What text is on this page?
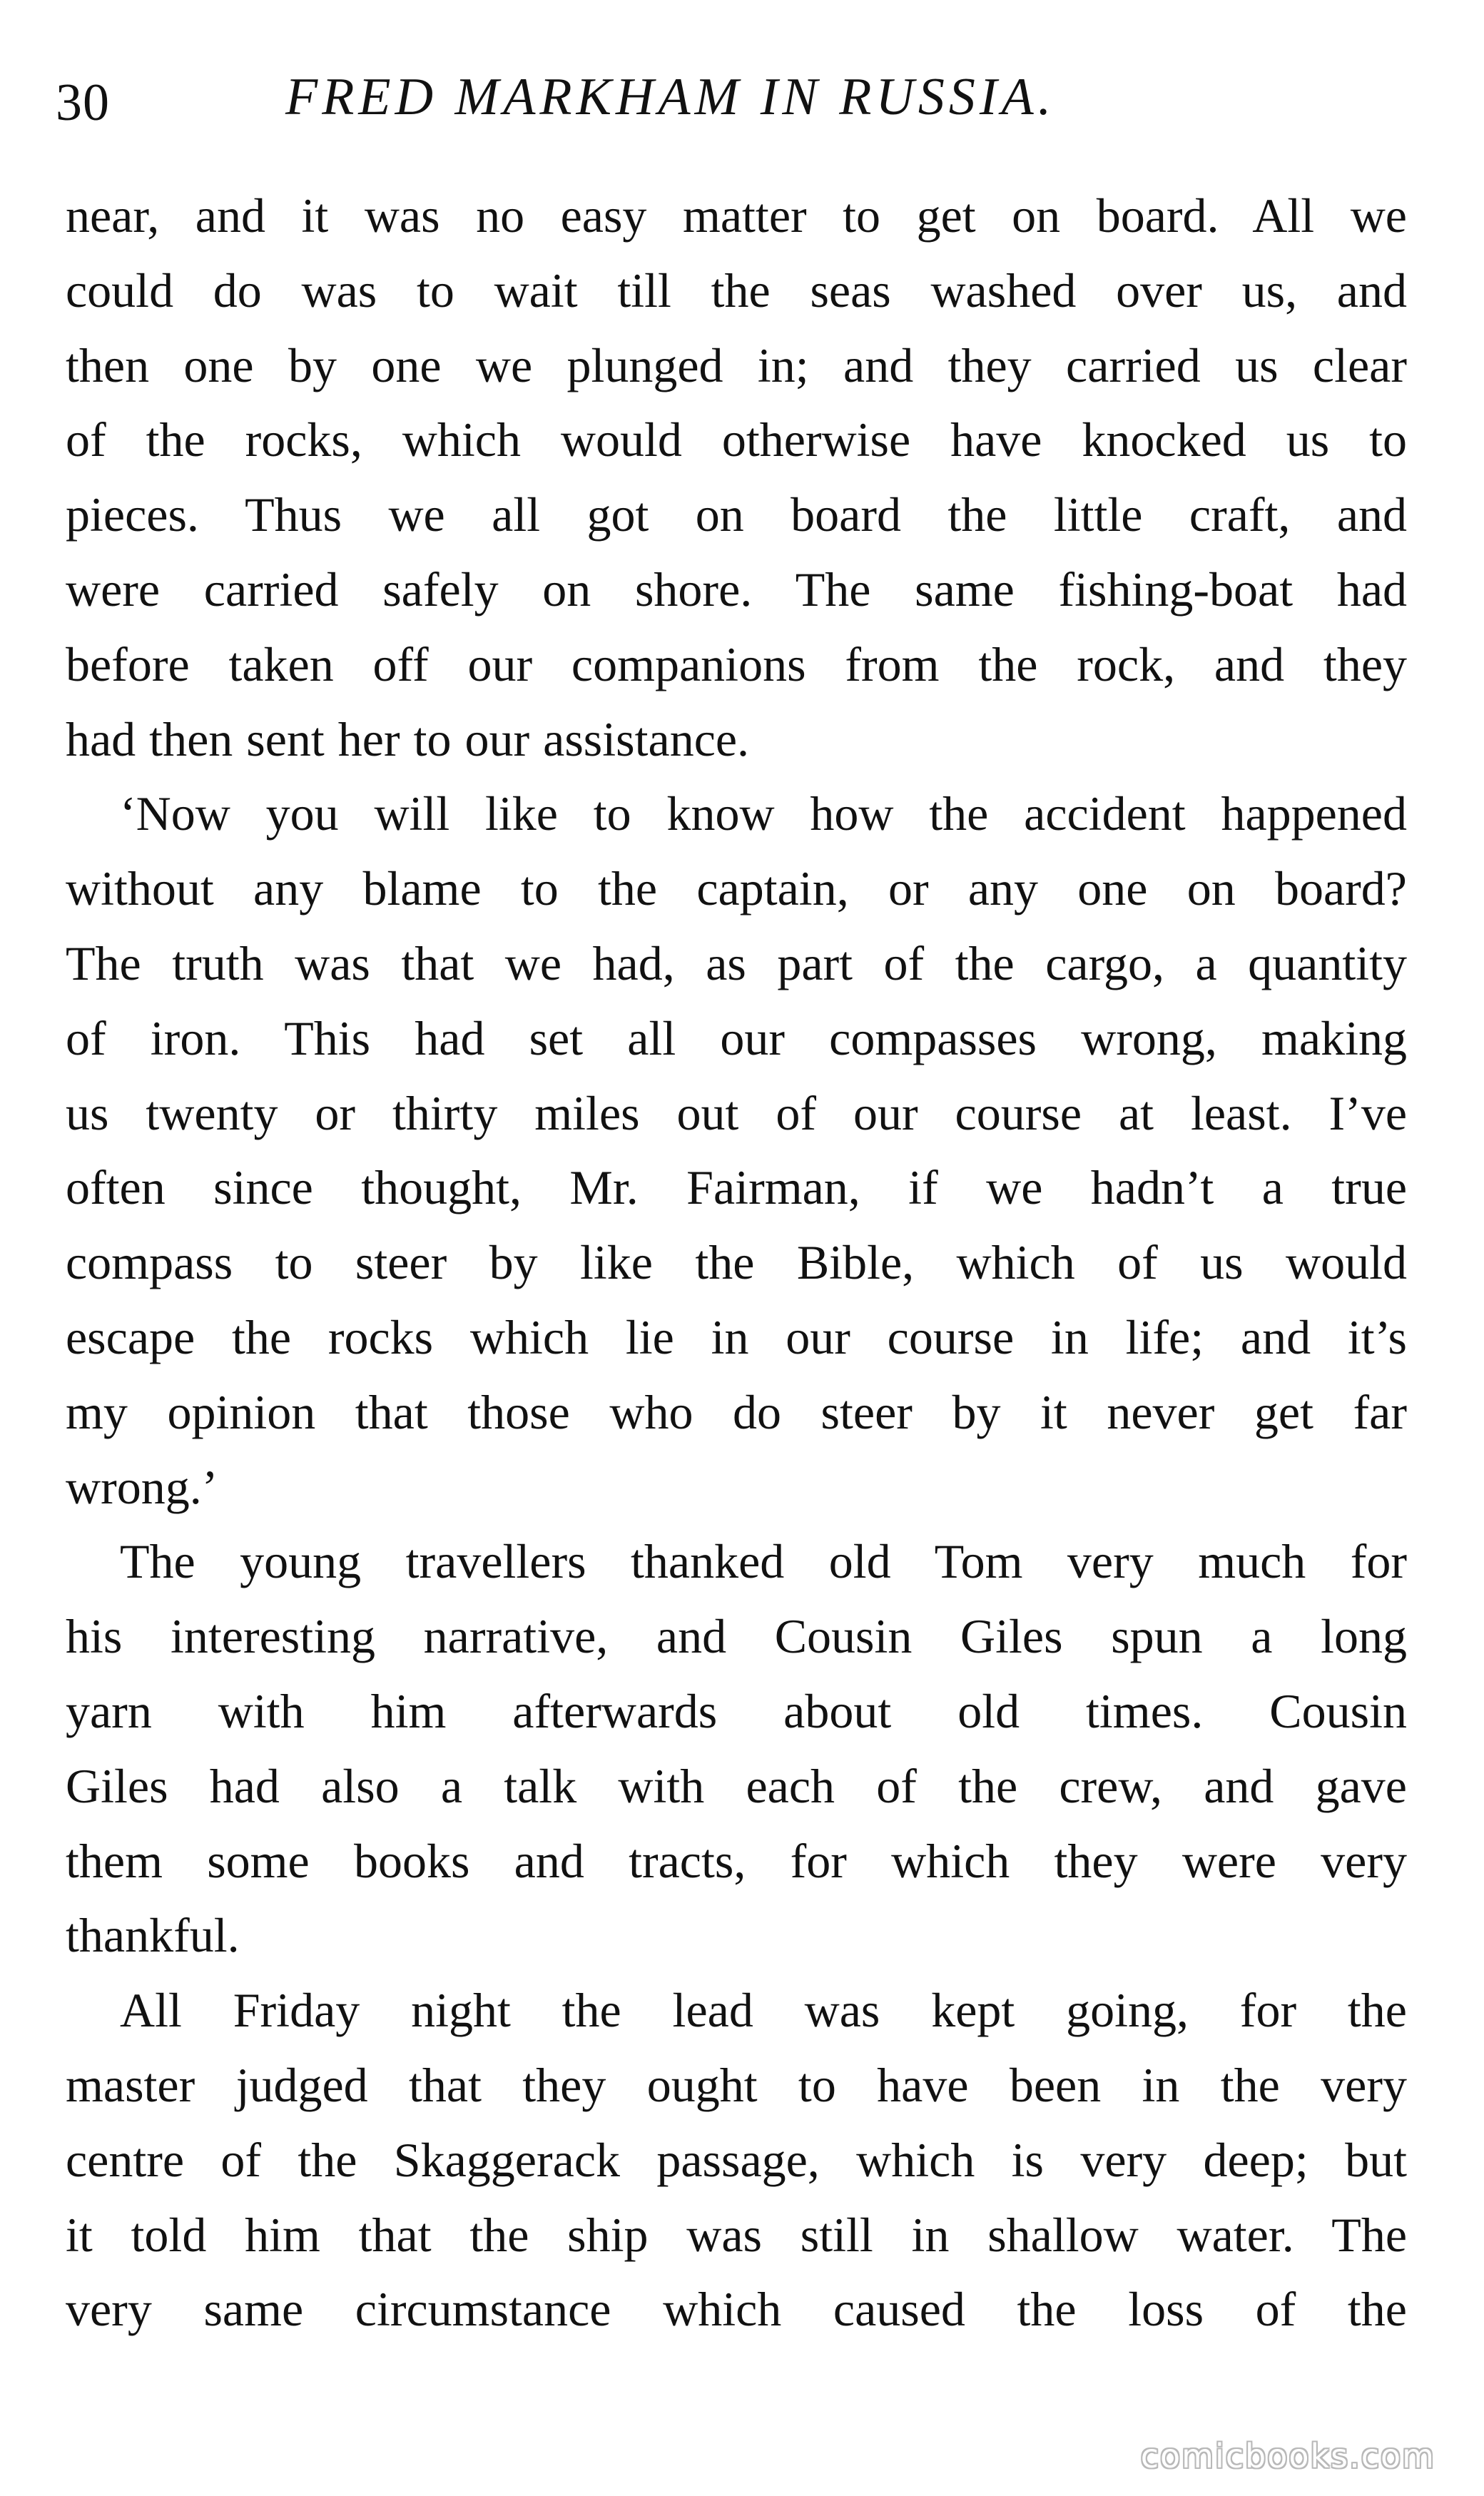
30	FRED MARKHAM IN RUSSIA.
near, and it was no easy matter to get on board. All we
could do was to wait till the seas washed over us, and
then one by one we plunged in; and they carried us clear
of the rocks, which would otherwise have knocked us to
pieces. Thus we all got on board the little craft, and
were carried safely on shore. The same fishing-boat had
before taken off our companions from the rock, and they
had then sent her to our assistance.
‘Now you will like to know how the accident happened
without any blame to the captain, or any one on board?
The truth was that we had, as part of the cargo, a quantity
of iron. This had set all our compasses wrong, making
us twenty or thirty miles out of our course at least. I’ve
often since thought, Mr. Fairman, if we hadn’t a true
compass to steer by like the Bible, which of us would
escape the rocks which lie in our course in life; and it’s
my opinion that those who do steer by it never get far
wrong.’
The young travellers thanked old Tom very much for
his interesting narrative, and Cousin Giles spun a long
yarn with him afterwards about old times. Cousin
Giles had also a talk with each of the crew, and gave
them some books and tracts, for which they were very
thankful.
All Friday night the lead was kept going, for the
master judged that they ought to have been in the very
centre of the Skaggerack passage, which is very deep; but
it told him that the ship was still in shallow water. The
very same circumstance which caused the loss of the
comicbooks.com
